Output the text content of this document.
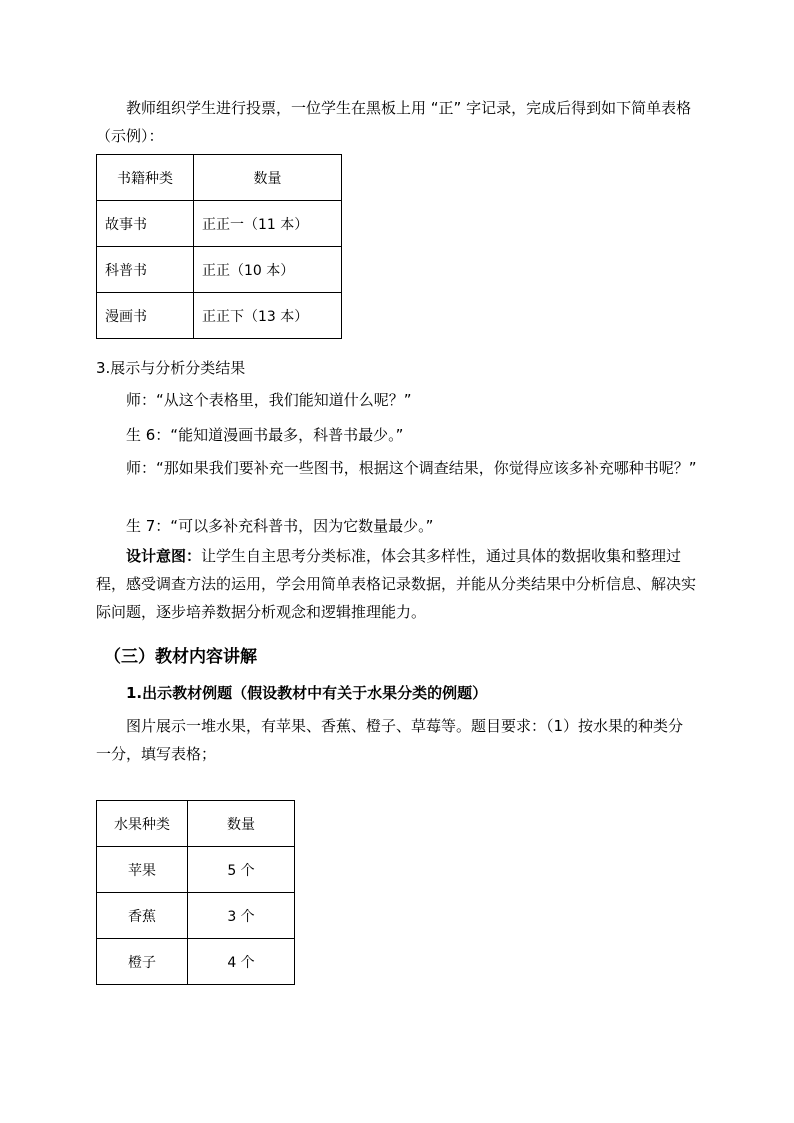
教师组织学生进行投票，一位学生在黑板上用 “正” 字记录，完成后得到如下简单表格（示例）：

书籍种类	数量
故事书	正正一（11 本）
科普书	正正（10 本）
漫画书	正正下（13 本）

3.展示与分析分类结果

师：“从这个表格里，我们能知道什么呢？”

生 6：“能知道漫画书最多，科普书最少。”

师：“那如果我们要补充一些图书，根据这个调查结果，你觉得应该多补充哪种书呢？”

生 7：“可以多补充科普书，因为它数量最少。”

设计意图：让学生自主思考分类标准，体会其多样性，通过具体的数据收集和整理过程，感受调查方法的运用，学会用简单表格记录数据，并能从分类结果中分析信息、解决实际问题，逐步培养数据分析观念和逻辑推理能力。

（三）教材内容讲解

1.出示教材例题（假设教材中有关于水果分类的例题）

图片展示一堆水果，有苹果、香蕉、橙子、草莓等。题目要求：（1）按水果的种类分一分，填写表格；

水果种类	数量
苹果	5 个
香蕉	3 个
橙子	4 个
